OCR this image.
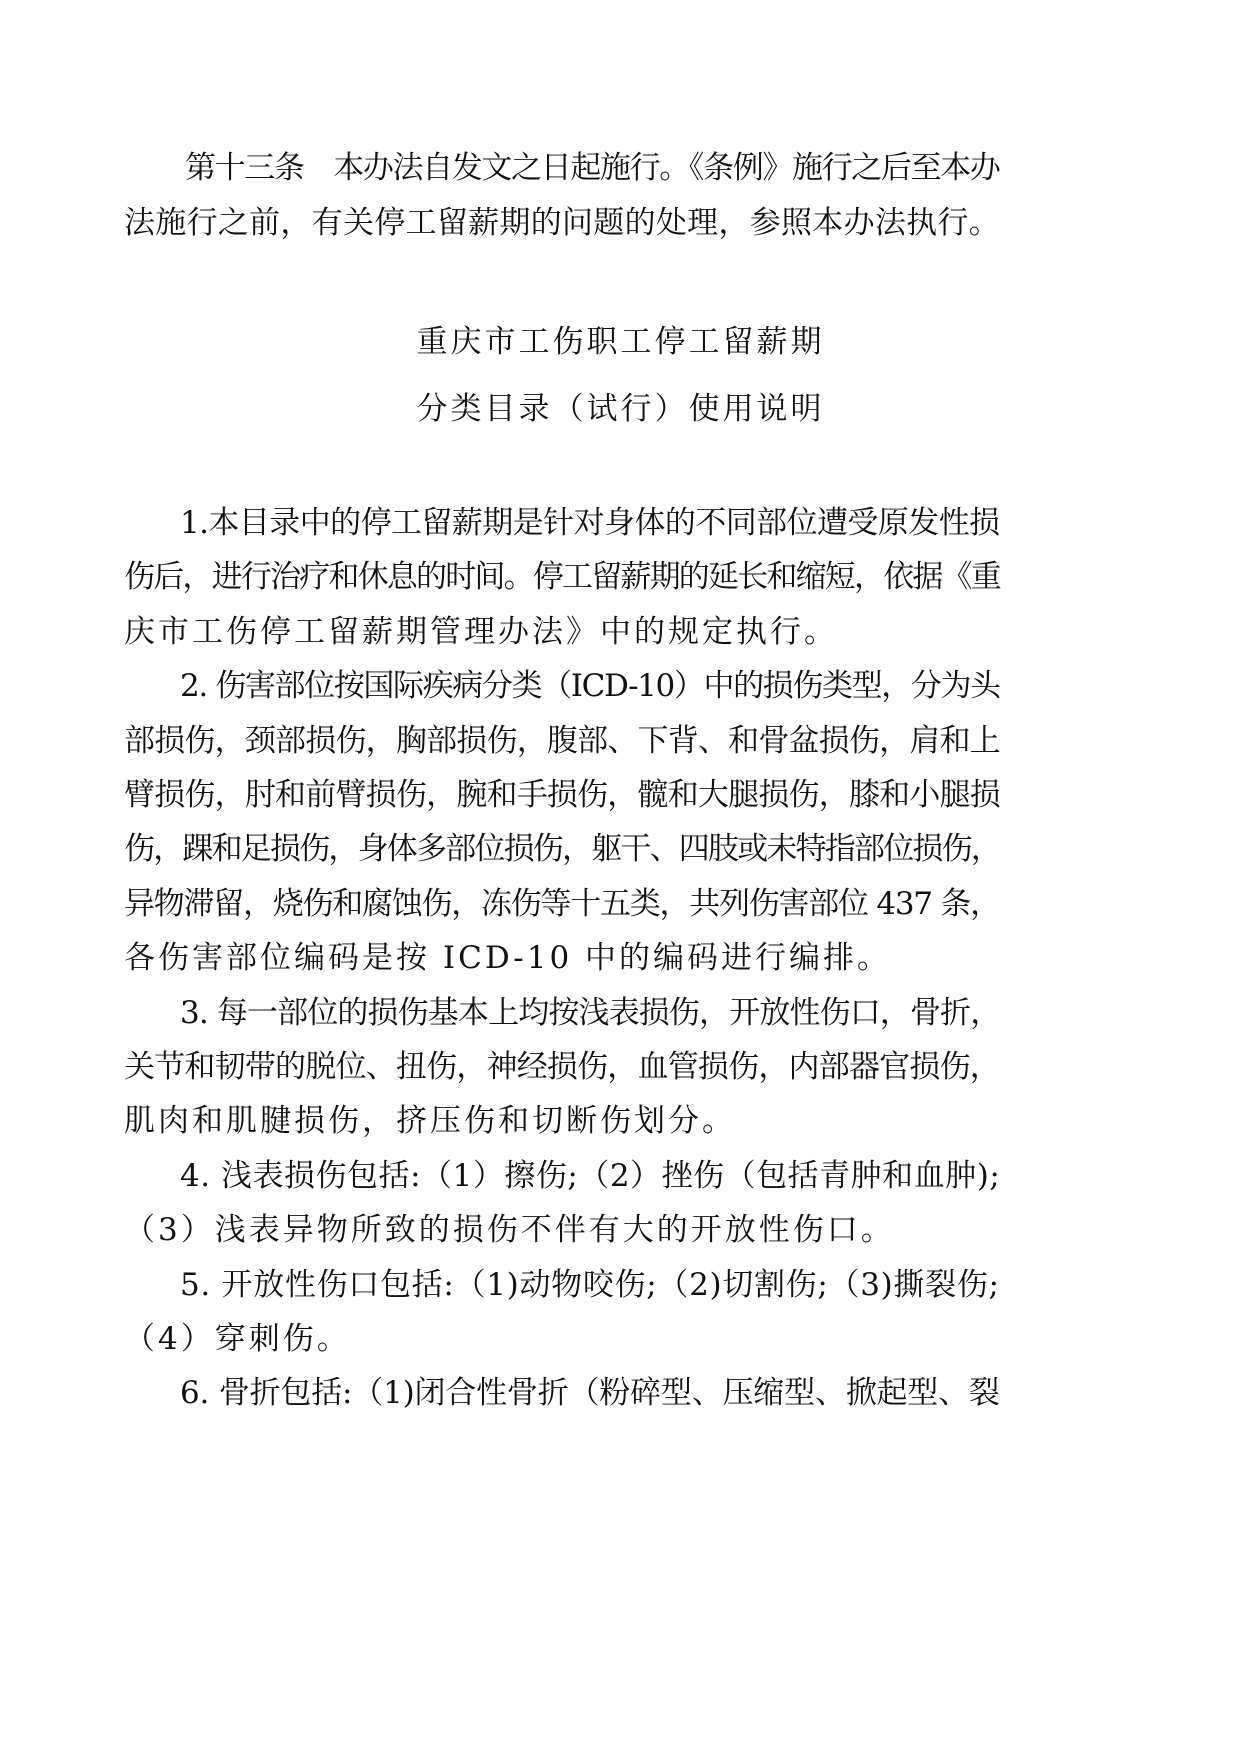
第十三条　本办法自发文之日起施行。《条例》施行之后至本办
法施行之前，有关停工留薪期的问题的处理，参照本办法执行。
重庆市工伤职工停工留薪期
分类目录（试行）使用说明
1.本目录中的停工留薪期是针对身体的不同部位遭受原发性损
伤后，进行治疗和休息的时间。停工留薪期的延长和缩短，依据《重
庆市工伤停工留薪期管理办法》中的规定执行。
2. 伤害部位按国际疾病分类（ICD-10）中的损伤类型，分为头
部损伤，颈部损伤，胸部损伤，腹部、下背、和骨盆损伤，肩和上
臂损伤，肘和前臂损伤，腕和手损伤，髋和大腿损伤，膝和小腿损
伤，踝和足损伤，身体多部位损伤，躯干、四肢或未特指部位损伤，
异物滞留，烧伤和腐蚀伤，冻伤等十五类，共列伤害部位 437 条，
各伤害部位编码是按 ICD-10 中的编码进行编排。
3. 每一部位的损伤基本上均按浅表损伤，开放性伤口，骨折，
关节和韧带的脱位、扭伤，神经损伤，血管损伤，内部器官损伤，
肌肉和肌腱损伤，挤压伤和切断伤划分。
4. 浅表损伤包括:（1）擦伤;（2）挫伤（包括青肿和血肿);
（3）浅表异物所致的损伤不伴有大的开放性伤口。
5. 开放性伤口包括:（1)动物咬伤;（2)切割伤;（3)撕裂伤;
（4）穿刺伤。
6. 骨折包括:（1)闭合性骨折（粉碎型、压缩型、掀起型、裂
